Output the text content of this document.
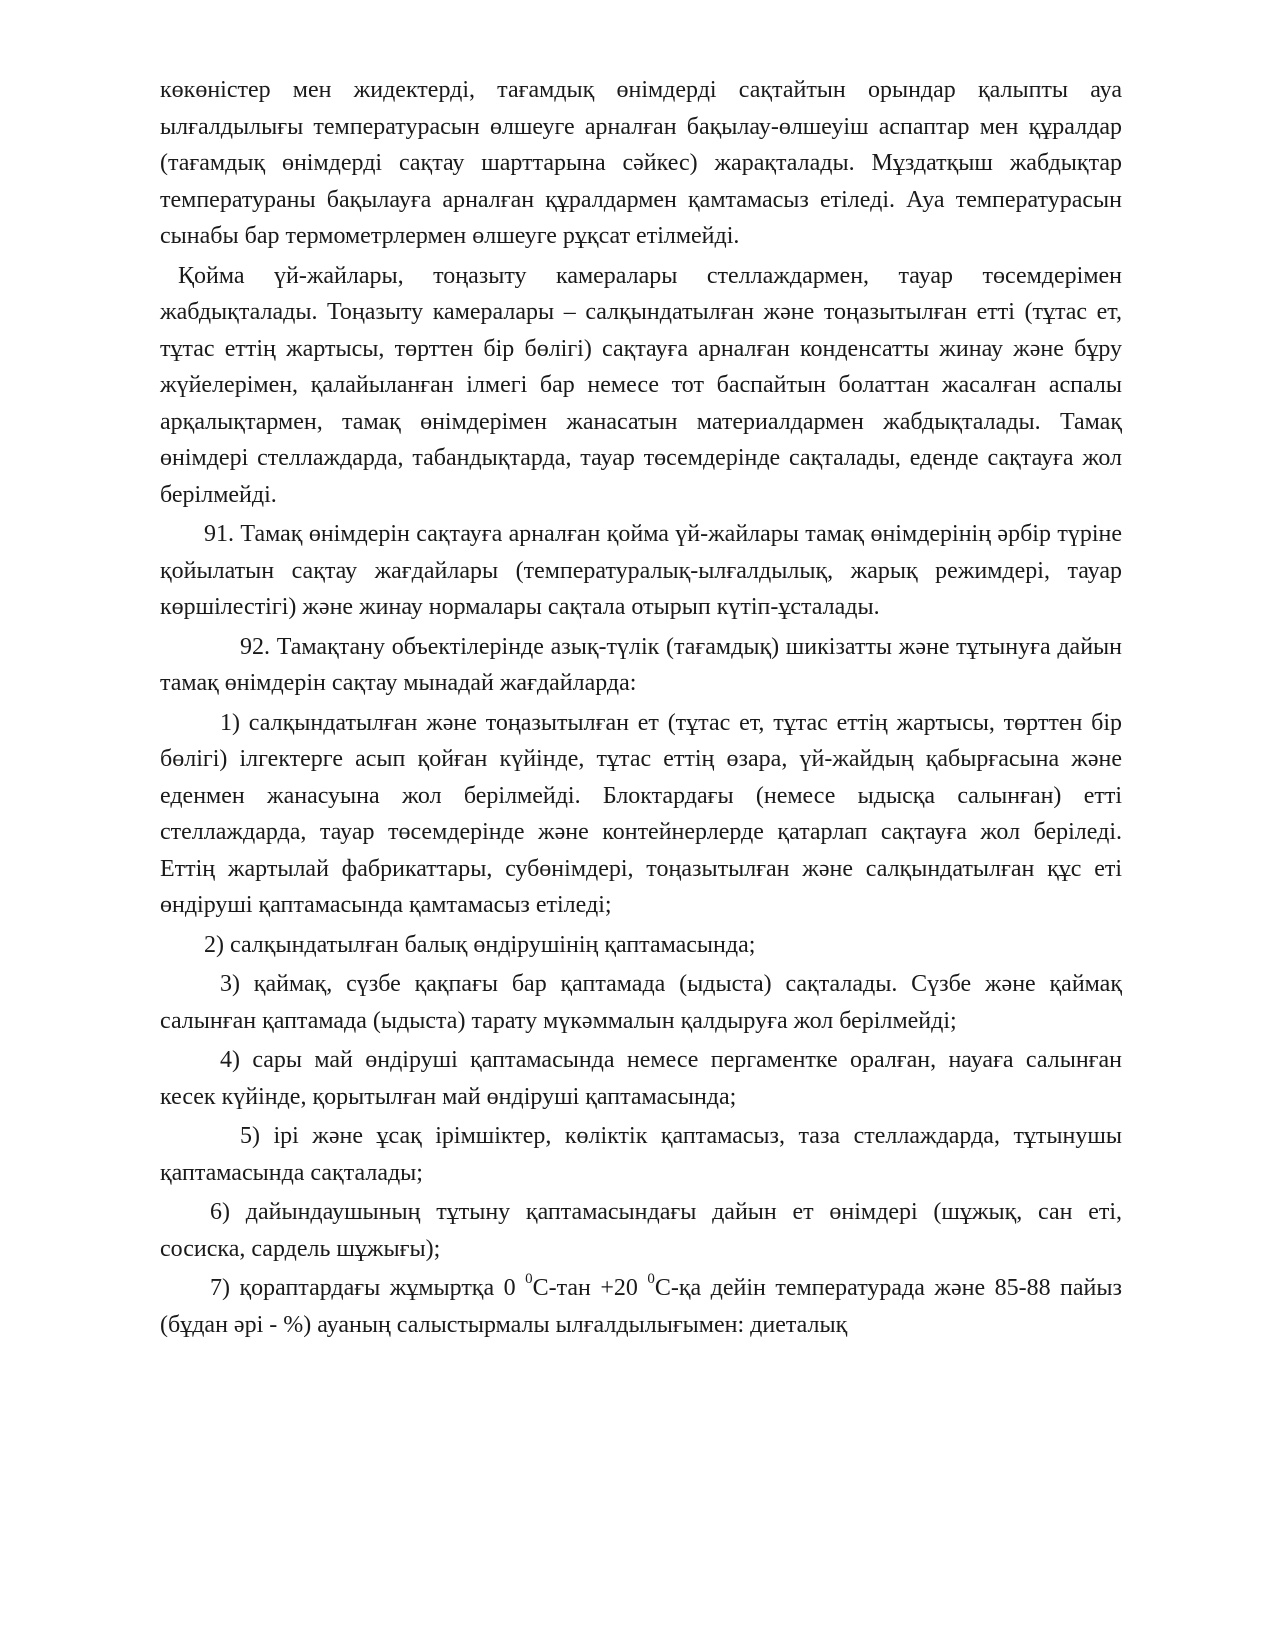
көкөністер мен жидектерді, тағамдық өнімдерді сақтайтын орындар қалыпты ауа ылғалдылығы температурасын өлшеуге арналған бақылау-өлшеуіш аспаптар мен құралдар (тағамдық өнімдерді сақтау шарттарына сәйкес) жарақталады. Мұздатқыш жабдықтар температураны бақылауға арналған құралдармен қамтамасыз етіледі. Ауа температурасын сынабы бар термометрлермен өлшеуге рұқсат етілмейді.

Қойма үй-жайлары, тоңазыту камералары стеллаждармен, тауар төсемдерімен жабдықталады. Тоңазыту камералары – салқындатылған және тоңазытылған етті (тұтас ет, тұтас еттің жартысы, төрттен бір бөлігі) сақтауға арналған конденсатты жинау және бұру жүйелерімен, қалайыланған ілмегі бар немесе тот баспайтын болаттан жасалған аспалы арқалықтармен, тамақ өнімдерімен жанасатын материалдармен жабдықталады. Тамақ өнімдері стеллаждарда, табандықтарда, тауар төсемдерінде сақталады, еденде сақтауға жол берілмейді.

91. Тамақ өнімдерін сақтауға арналған қойма үй-жайлары тамақ өнімдерінің әрбір түріне қойылатын сақтау жағдайлары (температуралық-ылғалдылық, жарық режимдері, тауар көршілестігі) және жинау нормалары сақтала отырып күтіп-ұсталады.

92. Тамақтану объектілерінде азық-түлік (тағамдық) шикізатты және тұтынуға дайын тамақ өнімдерін сақтау мынадай жағдайларда:

1) салқындатылған және тоңазытылған ет (тұтас ет, тұтас еттің жартысы, төрттен бір бөлігі) ілгектерге асып қойған күйінде, тұтас еттің өзара, үй-жайдың қабырғасына және еденмен жанасуына жол берілмейді. Блоктардағы (немесе ыдысқа салынған) етті стеллаждарда, тауар төсемдерінде және контейнерлерде қатарлап сақтауға жол беріледі. Еттің жартылай фабрикаттары, субөнімдері, тоңазытылған және салқындатылған құс еті өндіруші қаптамасында қамтамасыз етіледі;

2) салқындатылған балық өндірушінің қаптамасында;

3) қаймақ, сүзбе қақпағы бар қаптамада (ыдыста) сақталады. Сүзбе және қаймақ салынған қаптамада (ыдыста) тарату мүкәммалын қалдыруға жол берілмейді;

4) сары май өндіруші қаптамасында немесе пергаментке оралған, науаға салынған кесек күйінде, қорытылған май өндіруші қаптамасында;

5) ірі және ұсақ ірімшіктер, көліктік қаптамасыз, таза стеллаждарда, тұтынушы қаптамасында сақталады;

6) дайындаушының тұтыну қаптамасындағы дайын ет өнімдері (шұжық, сан еті, сосиска, сардель шұжығы);

7) қораптардағы жұмыртқа 0 $^0$С-тан +20 $^0$С-қа дейін температурада және 85-88 пайыз (бұдан әрі - %) ауаның салыстырмалы ылғалдылығымен: диеталық
